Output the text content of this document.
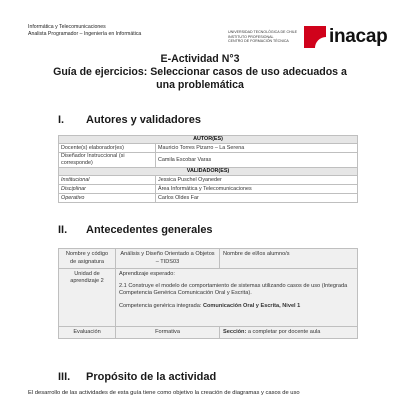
Informática y Telecomunicaciones
Analista Programador – Ingeniería en Informática	UNIVERSIDAD TECNOLÓGICA DE CHILE
INSTITUTO PROFESIONAL
CENTRO DE FORMACIÓN TÉCNICA	inacap
E-Actividad N°3
Guía de ejercicios: Seleccionar casos de uso adecuados a
una problemática
I. Autores y validadores
AUTOR(ES)	
Docente(s) elaborador(es)	Mauricio Torres Pizarro – La Serena
Diseñador Instruccional (si corresponde)	Camila Escobar Varas
VALIDADOR(ES)	
Institucional	Jessica Puschel Oyaneder
Disciplinar	Área Informática y Telecomunicaciones
Operativo	Carlos Oldes Far
II. Antecedentes generales
Nombre y código de asignatura	Análisis y Diseño Orientado a Objetos – TIDS03	Nombre de el/los alumno/s
Unidad de aprendizaje 2	Aprendizaje esperado:
2.1 Construye el modelo de comportamiento de sistemas utilizando casos de uso (Integrada Competencia Genérica Comunicación Oral y Escrita).
Competencia genérica integrada: Comunicación Oral y Escrita, Nivel 1	

Evaluación	Formativa	Sección: a completar por docente aula
III. Propósito de la actividad
El desarrollo de las actividades de esta guía tiene como objetivo la creación de diagramas y casos de uso
